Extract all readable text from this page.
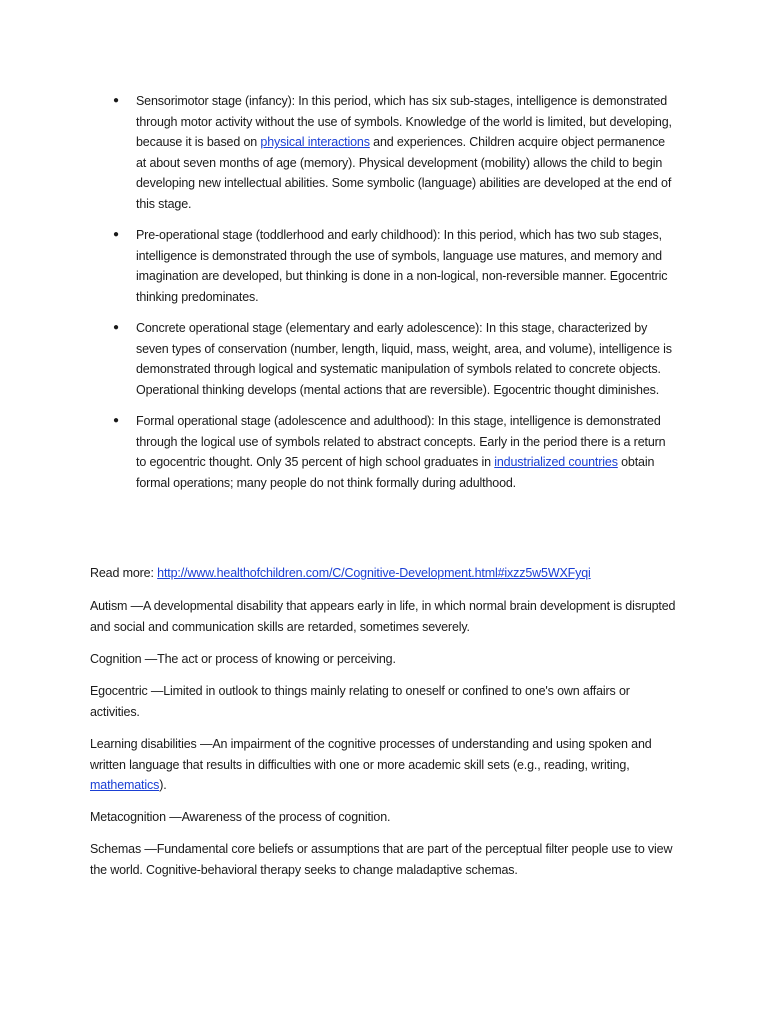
●	Sensorimotor stage (infancy): In this period, which has six sub-stages, intelligence is demonstrated through motor activity without the use of symbols. Knowledge of the world is limited, but developing, because it is based on physical interactions and experiences. Children acquire object permanence at about seven months of age (memory). Physical development (mobility) allows the child to begin developing new intellectual abilities. Some symbolic (language) abilities are developed at the end of this stage.
●	Pre-operational stage (toddlerhood and early childhood): In this period, which has two sub stages, intelligence is demonstrated through the use of symbols, language use matures, and memory and imagination are developed, but thinking is done in a non-logical, non-reversible manner. Egocentric thinking predominates.
●	Concrete operational stage (elementary and early adolescence): In this stage, characterized by seven types of conservation (number, length, liquid, mass, weight, area, and volume), intelligence is demonstrated through logical and systematic manipulation of symbols related to concrete objects. Operational thinking develops (mental actions that are reversible). Egocentric thought diminishes.
●	Formal operational stage (adolescence and adulthood): In this stage, intelligence is demonstrated through the logical use of symbols related to abstract concepts. Early in the period there is a return to egocentric thought. Only 35 percent of high school graduates in industrialized countries obtain formal operations; many people do not think formally during adulthood.
Read more: http://www.healthofchildren.com/C/Cognitive-Development.html#ixzz5w5WXFyqi
Autism —A developmental disability that appears early in life, in which normal brain development is disrupted and social and communication skills are retarded, sometimes severely.
Cognition —The act or process of knowing or perceiving.
Egocentric —Limited in outlook to things mainly relating to oneself or confined to one's own affairs or activities.
Learning disabilities —An impairment of the cognitive processes of understanding and using spoken and written language that results in difficulties with one or more academic skill sets (e.g., reading, writing, mathematics).
Metacognition —Awareness of the process of cognition.
Schemas —Fundamental core beliefs or assumptions that are part of the perceptual filter people use to view the world. Cognitive-behavioral therapy seeks to change maladaptive schemas.
